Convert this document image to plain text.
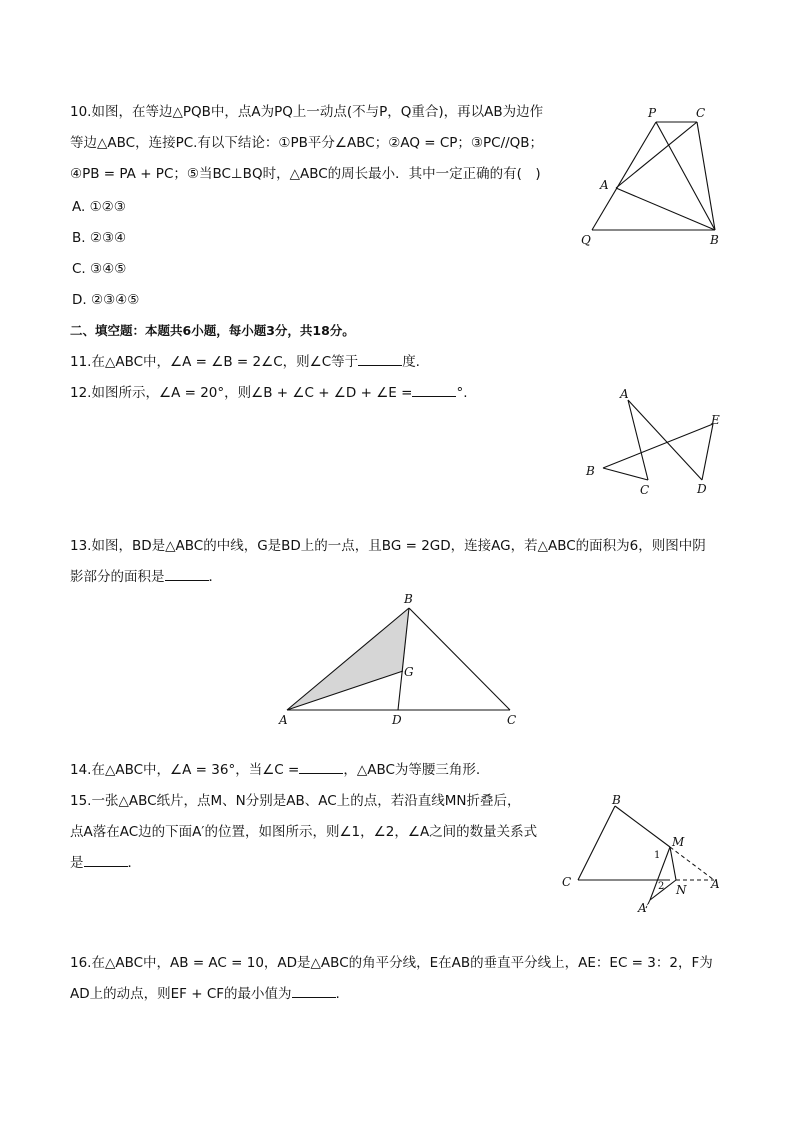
10.如图，在等边△PQB中，点A为PQ上一动点(不与P，Q重合)，再以AB为边作
等边△ABC，连接PC.有以下结论：①PB平分∠ABC；②AQ = CP；③PC//QB；
④PB = PA + PC；⑤当BC⊥BQ时，△ABC的周长最小．其中一定正确的有(　)
A. ①②③
B. ②③④
C. ③④⑤
D. ②③④⑤
P	C
A
Q	B
二、填空题：本题共6小题，每小题3分，共18分。
11.在△ABC中，∠A = ∠B = 2∠C，则∠C等于	度.
12.如图所示，∠A = 20°，则∠B + ∠C + ∠D + ∠E =	°.	A
E
B
C	D
13.如图，BD是△ABC的中线，G是BD上的一点，且BG = 2GD，连接AG，若△ABC的面积为6，则图中阴
影部分的面积是	．
B
G
A	D	C
14.在△ABC中，∠A = 36°，当∠C =	，△ABC为等腰三角形.
15.一张△ABC纸片，点M、N分别是AB、AC上的点，若沿直线MN折叠后，
点A落在AC边的下面A′的位置，如图所示，则∠1，∠2，∠A之间的数量关系式
是	．
B
M
1
C	2 N A
A′
16.在△ABC中，AB = AC = 10，AD是△ABC的角平分线，E在AB的垂直平分线上，AE：EC = 3：2，F为
AD上的动点，则EF + CF的最小值为	.
